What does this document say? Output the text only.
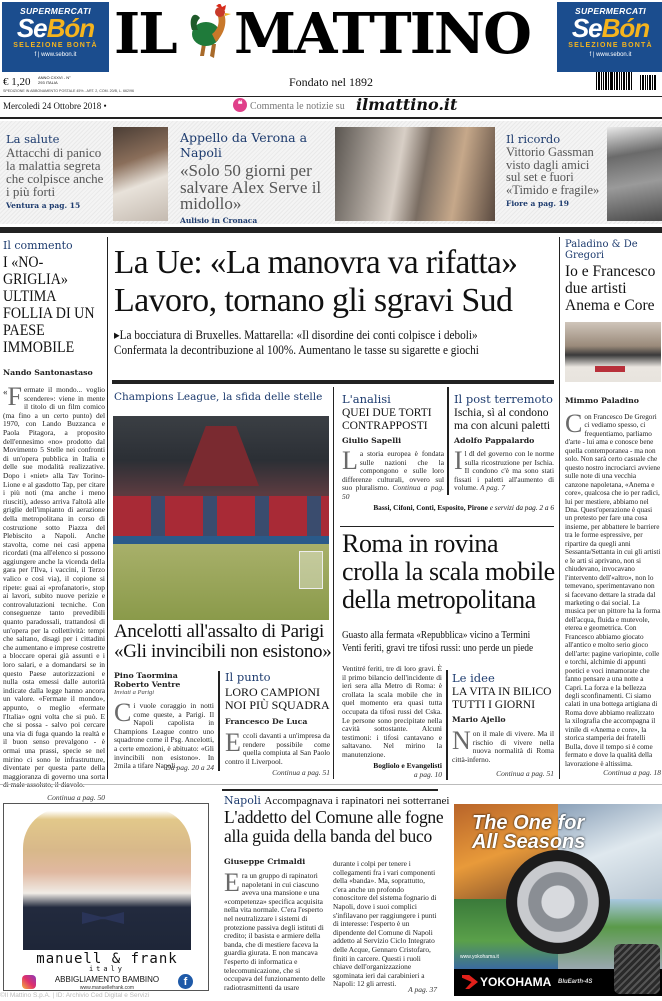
SUPERMERCATI
SeBón
SELEZIONE BONTÀ
f | www.sebon.it
SUPERMERCATI
SeBón
SELEZIONE BONTÀ
f | www.sebon.it
IL MATTINO
€ 1,20 ANNO CXXVI - N° 293 ITALIA
SPEDIZIONE IN ABBONAMENTO POSTALE 45% - ART. 2, COM. 20/B, L. 662/96
Fondato nel 1892
Mercoledì 24 Ottobre 2018 •	❝ Commenta le notizie su ilmattino.it
La salute
Attacchi di panico la malattia segreta che colpisce anche i più forti
Ventura a pag. 15
Appello da Verona a Napoli
«Solo 50 giorni per salvare Alex Serve il midollo»
Aulisio in Cronaca
Il ricordo
Vittorio Gassman visto dagli amici sul set e fuori «Timido e fragile»
Fiore a pag. 19
Il commento
I «NO-GRIGLIA» ULTIMA FOLLIA DI UN PAESE IMMOBILE
Nando Santonastaso
« F ermate il mondo... voglio scendere»: viene in mente il titolo di un film comico (ma fino a un certo punto) del 1970, con Lando Buzzanca e Paola Pitagora, a proposito dell'ennesimo «no» prodotto dal Movimento 5 Stelle nei confronti di un'opera pubblica in Italia e delle sue modalità realizzative. Dopo i «niet» alla Tav Torino-Lione e al gasdotto Tap, per citare i più noti (ma anche i meno riusciti), adesso arriva l'altolà alle griglie dell'impianto di aerazione della metropolitana in corso di costruzione sotto Piazza del Plebiscito a Napoli. Anche stavolta, come nei casi appena ricordati (ma all'elenco si possono aggiungere anche la vicenda della gara per l'Ilva, i vaccini, il Terzo valico e così via), il copione si ripete: guai ai «profanatori», stop ai lavori, subito nuove perizie e controvalutazioni tecniche. Con conseguenze tanto prevedibili quanto paradossali, trattandosi di un'opera per la collettività: tempi che saltano, disagi per i cittadini che aumentano e imprese costrette a bloccare operai già assunti e i loro salari, e a domandarsi se in questo Paese autorizzazioni e nulla osta emessi dalle autorità indicate dalla legge hanno ancora un valore. «Fermate il mondo», appunto, o meglio «fermate l'Italia» ogni volta che si può. E che si possa - salvo poi cercare una via di fuga quando la realtà e il buon senso prevalgono - è ormai una prassi, specie se nel mirino ci sono le infrastrutture, diventate per questa parte della maggioranza di governo una sorta
Continua a pag. 50
La Ue: «La manovra va rifatta»
Lavoro, tornano gli sgravi Sud
▸La bocciatura di Bruxelles. Mattarella: «Il disordine dei conti colpisce i deboli»
Confermata la decontribuzione al 100%. Aumentano le tasse su sigarette e giochi
Champions League, la sfida delle stelle
Ancelotti all'assalto di Parigi
«Gli invincibili non esistono»
Pino Taormina
Roberto Ventre
Inviati a Parigi
Ci vuole coraggio in notti come queste, a Parigi. Il Napoli capolista in Champions League contro uno squadrone come il Psg. Ancelotti, a certe emozioni, è abituato: «Gli invincibili non esistono». In 2mila a tifare Napoli.
Da pag. 20 a 24
Il punto
LORO CAMPIONI NOI PIÙ SQUADRA
Francesco De Luca
Eccoli davanti a un'impresa da rendere possibile come quella compiuta al San Paolo contro il Liverpool.
Continua a pag. 51
L'analisi
QUEI DUE TORTI CONTRAPPOSTI
Giulio Sapelli
La storia europea è fondata sulle nazioni che la compongono e sulle loro differenze culturali, ovvero sul suo pluralismo. Continua a pag. 50
Il post terremoto
Ischia, sì al condono ma con alcuni paletti
Adolfo Pappalardo
Il dl del governo con le norme sulla ricostruzione per Ischia. Il condono c'è ma sono stati fissati i paletti all'aumento di volume. A pag. 7
Bassi, Cifoni, Conti, Esposito, Pirone e servizi da pag. 2 a 6
Roma in rovina
crolla la scala mobile
della metropolitana
Guasto alla fermata «Repubblica» vicino a Termini
Venti feriti, gravi tre tifosi russi: uno perde un piede
Ventitré feriti, tre di loro gravi. È il primo bilancio dell'incidente di ieri sera alla Metro di Roma: è crollata la scala mobile che in quel momento era quasi tutta occupata da tifosi russi del Cska. Le persone sono precipitate nella cavità sottostante. Alcuni testimoni: i tifosi cantavano e saltavano. Nel mirino la manutenzione.
Bogliolo e Evangelisti
a pag. 10
Le idee
LA VITA IN BILICO TUTTI I GIORNI
Mario Ajello
Non il male di vivere. Ma il rischio di vivere nella nuova normalità di Roma città-inferno.
Continua a pag. 51
Paladino & De Gregori
Io e Francesco due artisti Anema e Core
Mimmo Paladino
Con Francesco De Gregori ci vediamo spesso, ci frequentiamo, parliamo d'arte - lui ama e conosce bene quella contemporanea - ma non solo. Non sarà certo casuale che questo nostro incrociarci avviene sulle note di una vecchia canzone napoletana, «Anema e core», qualcosa che io per radici, lui per mestiere, abbiamo nel Dna. Quest'operazione è quasi un pretesto per fare una cosa insieme, per abbattere le barriere tra le forme espressive, per ripartire da quegli anni Sessanta/Settanta in cui gli artisti e le arti si aprivano, non si chiudevano, invocavano l'intervento dell'«altro», non lo temevano, sperimentavano non si facevano dettare la strada dal marketing o dai social. La musica per un pittore ha la forma dell'acqua, fluida e mutevole, eterea e geometrica. Con Francesco abbiamo giocato all'antico e molto serio gioco dell'arte: pagine variopinte, colle e torchi, alchimie di appunti poetici e voci innamorate che fanno pensare a una notte a Capri. La forza e la bellezza degli sconfinamenti. Ci siamo calati in una bottega artigiana di Roma dove abbiamo realizzato la xilografia che accompagna il vinile di «Anema e core», la storica stamperia dei fratelli Bulla, dove il tempo si è come fermato e dove la qualità della lavorazione è altissima.
Continua a pag. 18
Napoli Accompagnava i rapinatori nei sotterranei
L'addetto del Comune alle fogne
alla guida della banda del buco
Giuseppe Crimaldi
Era un gruppo di rapinatori napoletani in cui ciascuno aveva una mansione e una «competenza» specifica acquisita nella vita normale. C'era l'esperto nel neutralizzare i sistemi di protezione passiva degli istituti di credito; il basista e armiere della banda, che di mestiere faceva la guardia giurata. E non mancava l'esperto di informatica e telecomunicazione, che si occupava del funzionamento delle radiotrasmittenti da usare
durante i colpi per tenere i collegamenti fra i vari componenti della «banda». Ma, soprattutto, c'era anche un profondo conoscitore del sistema fognario di Napoli, dove i suoi complici s'infilavano per raggiungere i punti di interesse: l'esperto è un dipendente del Comune di Napoli addetto al Servizio Ciclo Integrato delle Acque, Gennaro Cristofaro, finiti in carcere. Questi i ruoli chiave dell'organizzazione sgominata ieri dai carabinieri a Napoli: 12 gli arresti.
A pag. 37
manuell & frank
italy
ABBIGLIAMENTO BAMBINO
www.manuellefrank.com	f
©Il Mattino S.p.A. | ID: Archivio Ced Digital e Servizi
The One for
All Seasons
www.yokohama.it
YOKOHAMA BluEarth-4S
